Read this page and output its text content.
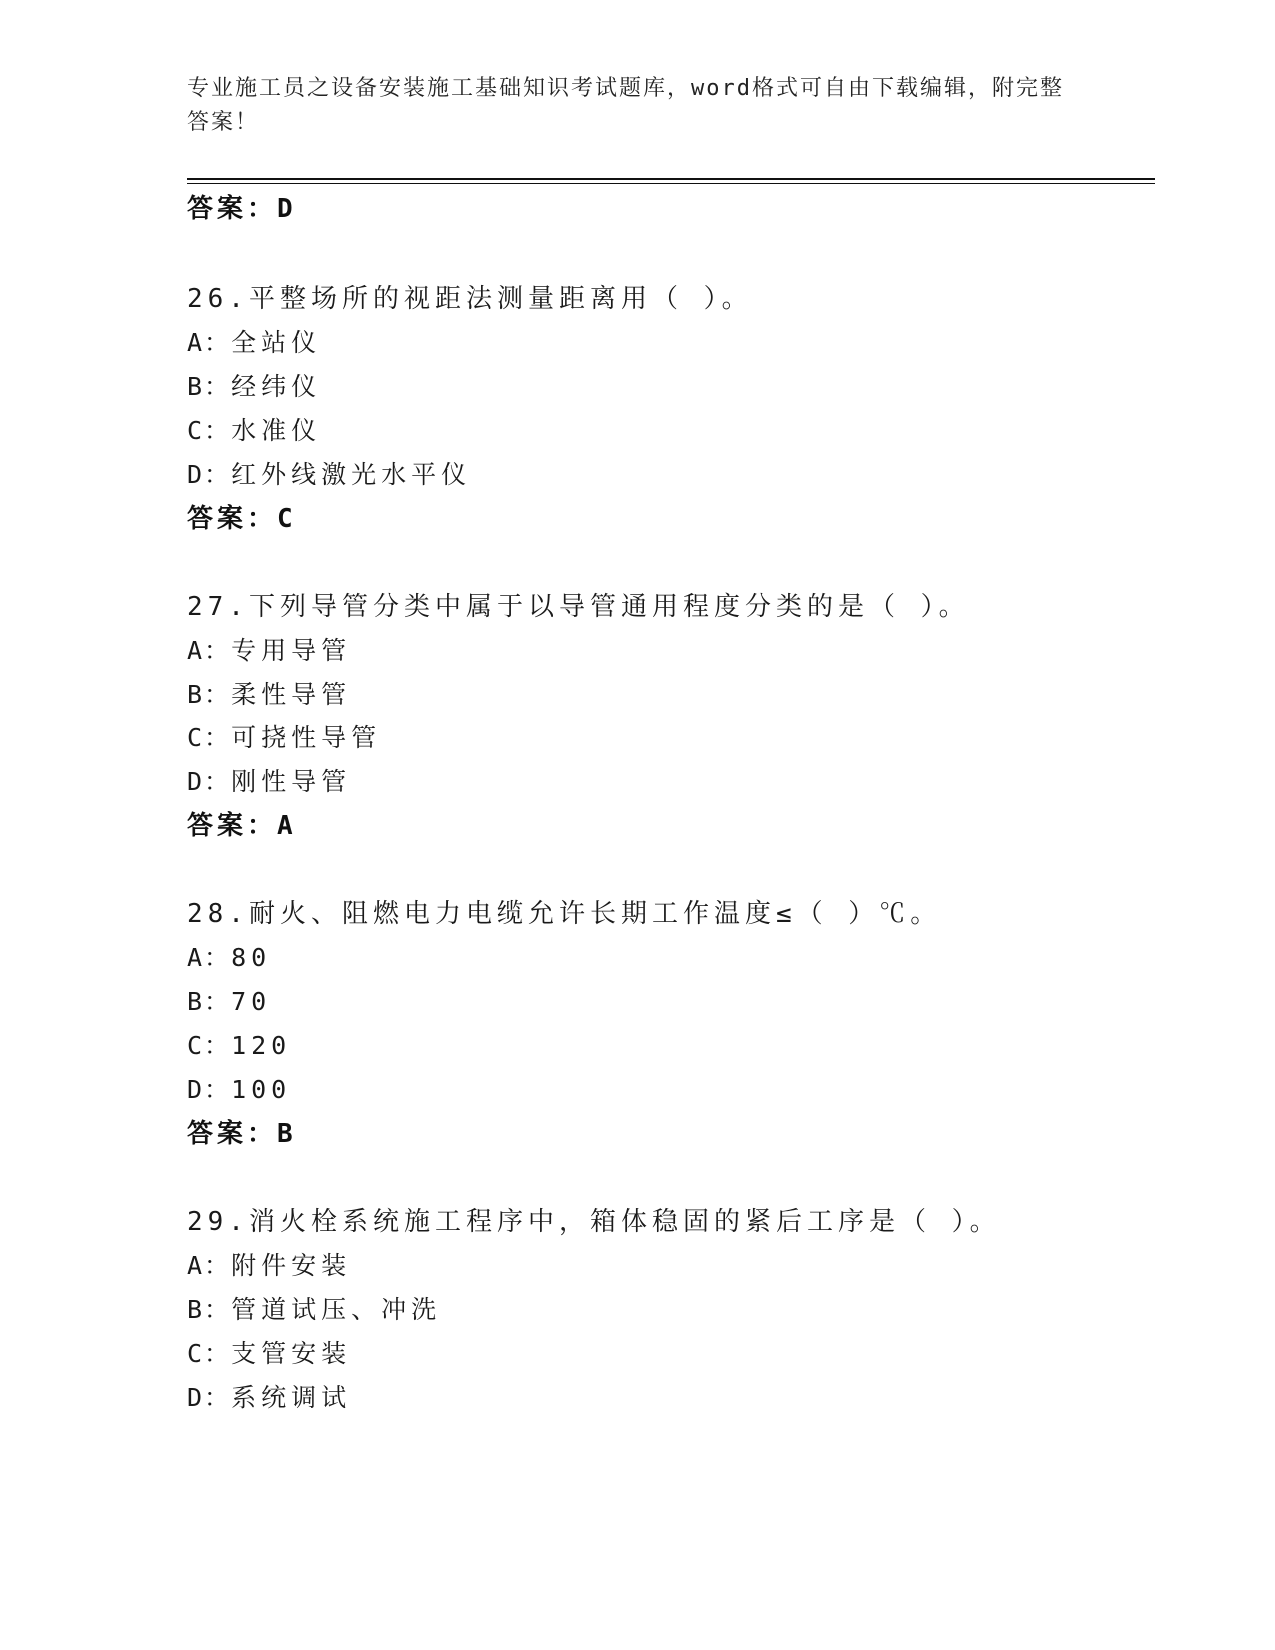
专业施工员之设备安装施工基础知识考试题库，word格式可自由下载编辑，附完整答案！
答案：D
26.平整场所的视距法测量距离用（ ）。
A：全站仪
B：经纬仪
C：水准仪
D：红外线激光水平仪
答案：C
27.下列导管分类中属于以导管通用程度分类的是（ ）。
A：专用导管
B：柔性导管
C：可挠性导管
D：刚性导管
答案：A
28.耐火、阻燃电力电缆允许长期工作温度≤（ ）℃。
A：80
B：70
C：120
D：100
答案：B
29.消火栓系统施工程序中，箱体稳固的紧后工序是（ ）。
A：附件安装
B：管道试压、冲洗
C：支管安装
D：系统调试
